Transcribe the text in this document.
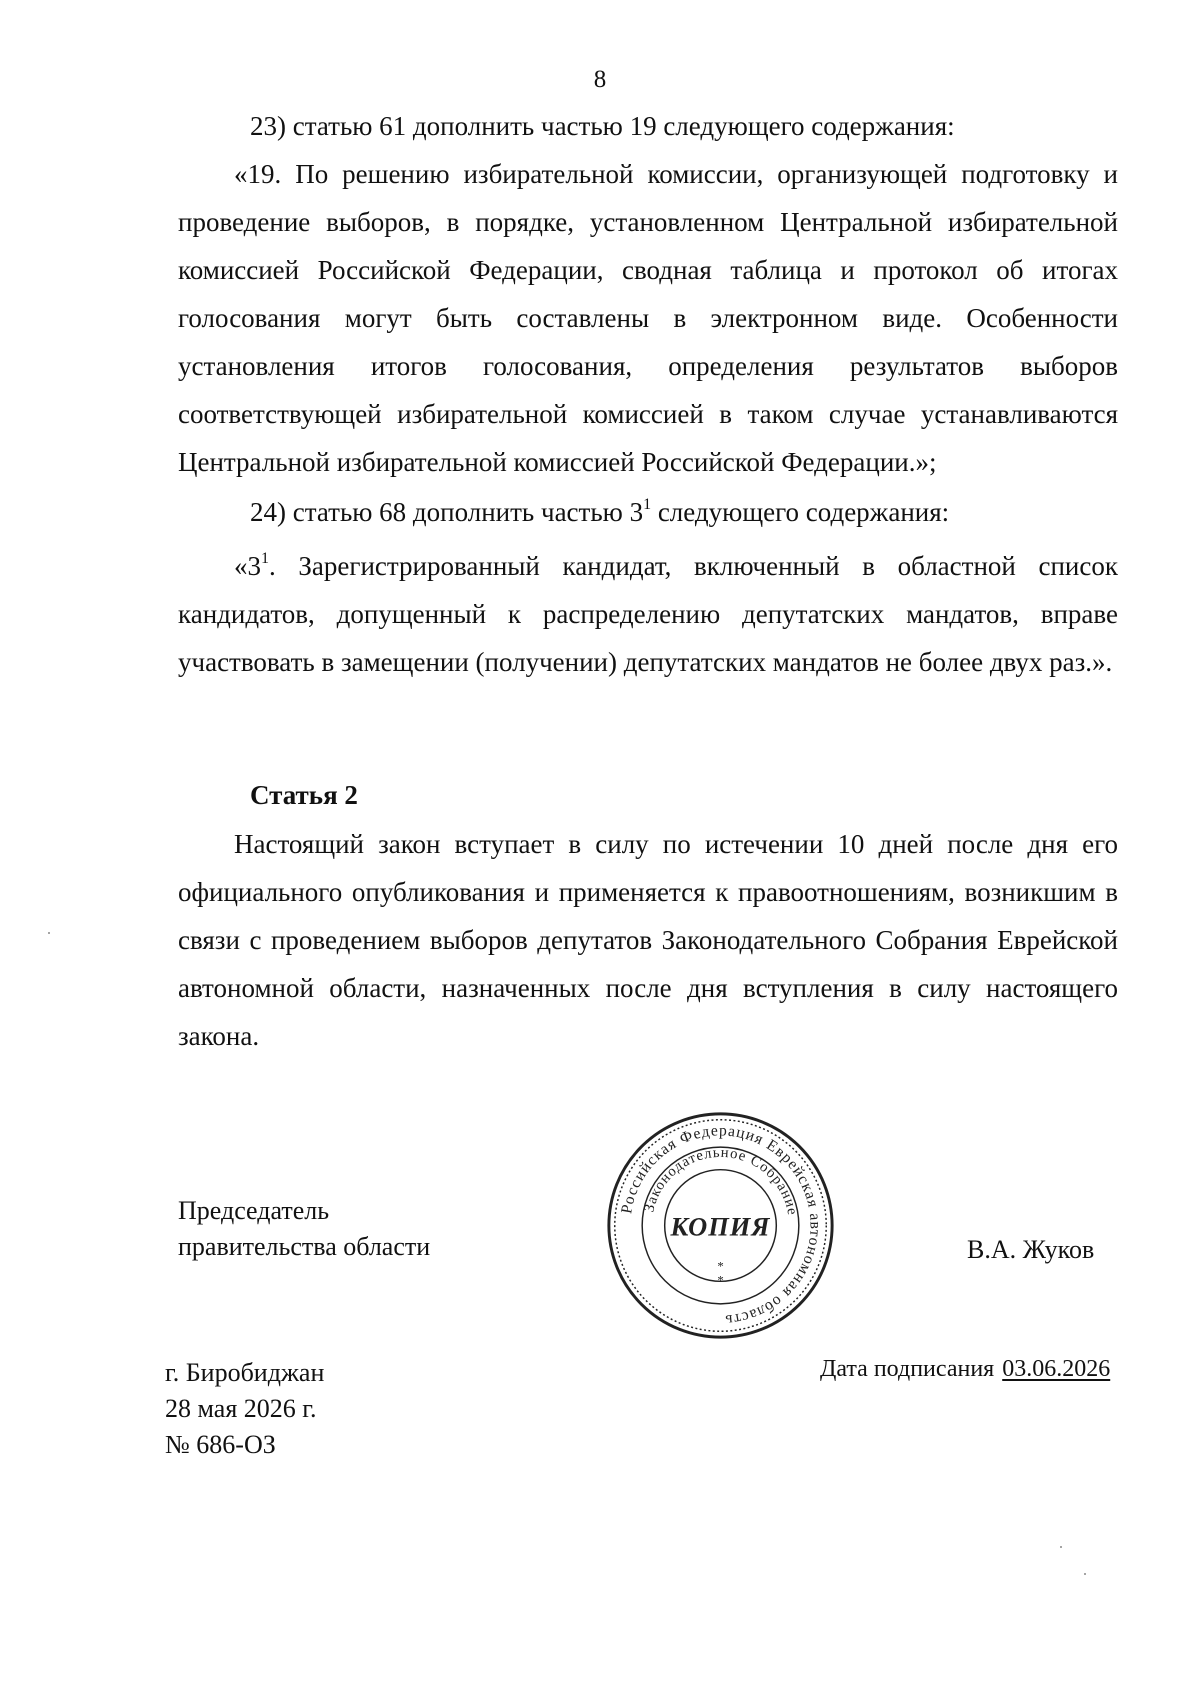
8
23) статью 61 дополнить частью 19 следующего содержания:
«19. По решению избирательной комиссии, организующей подготовку и проведение выборов, в порядке, установленном Центральной избирательной комиссией Российской Федерации, сводная таблица и протокол об итогах голосования могут быть составлены в электронном виде. Особенности установления итогов голосования, определения результатов выборов соответствующей избирательной комиссией в таком случае устанавливаются Центральной избирательной комиссией Российской Федерации.»;
24) статью 68 дополнить частью $3^1$ следующего содержания:
«$3^1$. Зарегистрированный кандидат, включенный в областной список кандидатов, допущенный к распределению депутатских мандатов, вправе участвовать в замещении (получении) депутатских мандатов не более двух раз.».
Статья 2
Настоящий закон вступает в силу по истечении 10 дней после дня его официального опубликования и применяется к правоотношениям, возникшим в связи с проведением выборов депутатов Законодательного Собрания Еврейской автономной области, назначенных после дня вступления в силу настоящего закона.
Председатель
правительства области
Российская Федерация Еврейская автономная область
Законодательное Собрание
КОПИЯ
*
*
В.А. Жуков
г. Биробиджан
28 мая 2026 г.
№ 686-ОЗ
Дата подписания 03.06.2026
